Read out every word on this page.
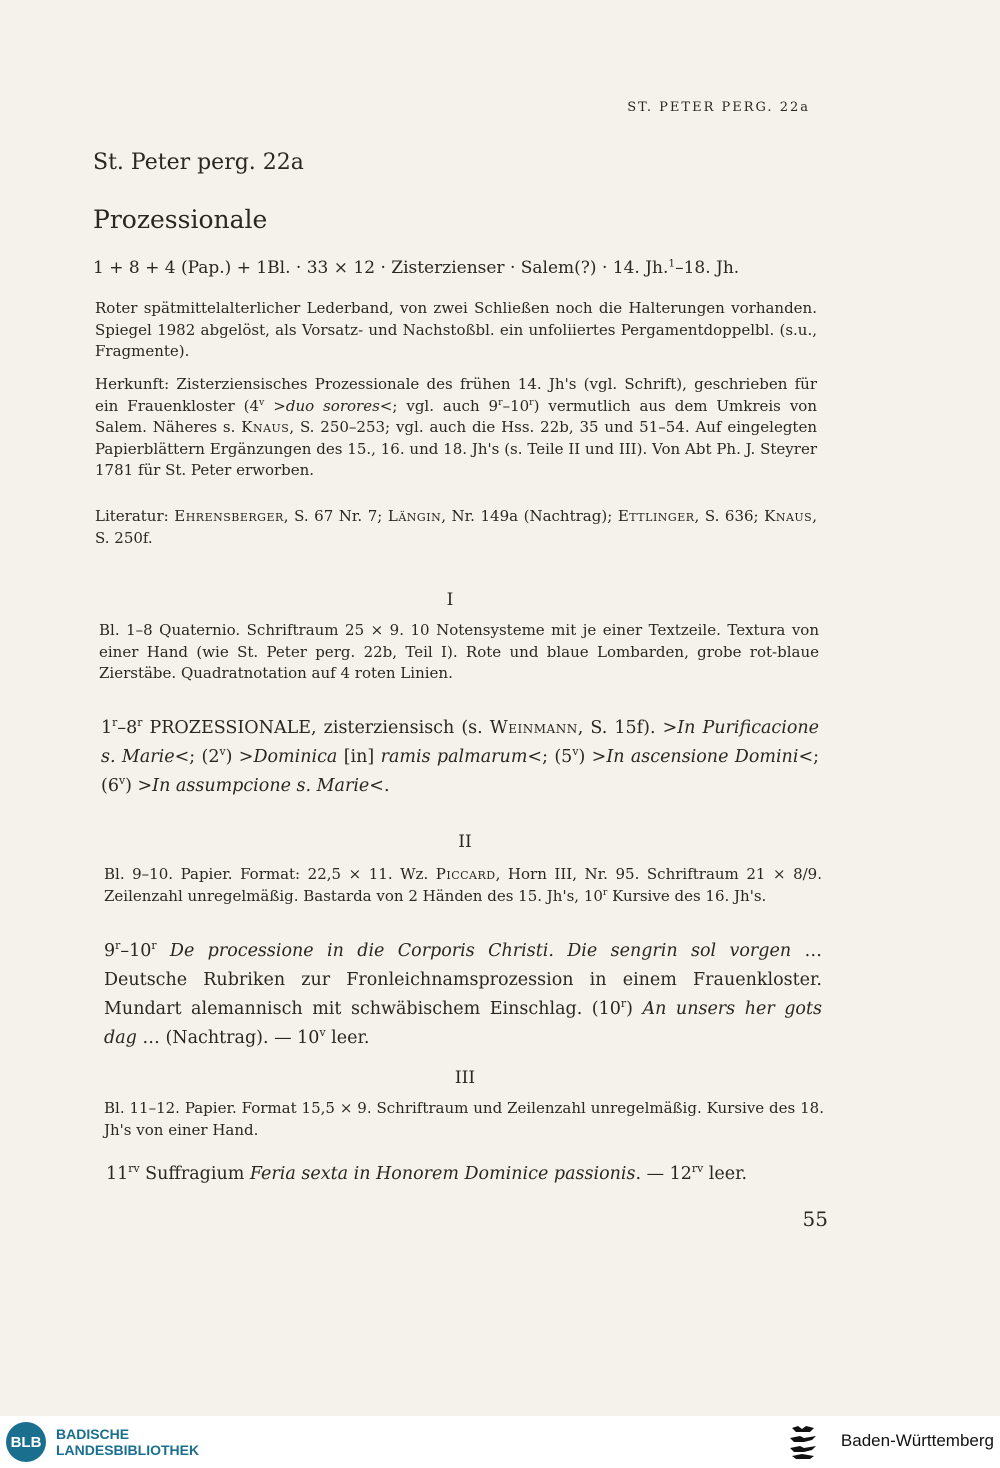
ST. PETER PERG. 22a
St. Peter perg. 22a
Prozessionale
1 + 8 + 4 (Pap.) + 1Bl. · 33 × 12 · Zisterzienser · Salem(?) · 14. Jh.$^1$–18. Jh.
Roter spätmittelalterlicher Lederband, von zwei Schließen noch die Halterungen vorhanden. Spiegel 1982 abgelöst, als Vorsatz- und Nachstoßbl. ein unfoliiertes Pergamentdoppelbl. (s.u., Fragmente).
Herkunft: Zisterziensisches Prozessionale des frühen 14. Jh's (vgl. Schrift), geschrieben für ein Frauenkloster ($4^v >duo$ sorores<; vgl. auch 9$^r$–10$^r$) vermutlich aus dem Umkreis von Salem. Näheres s. Knaus, S. 250–253; vgl. auch die Hss. 22b, 35 und 51–54. Auf eingelegten Papierblättern Ergänzungen des 15., 16. und 18. Jh's (s. Teile II und III). Von Abt Ph. J. Steyrer 1781 für St. Peter erworben.
Literatur: Ehrensberger, S. 67 Nr. 7; Längin, Nr. 149a (Nachtrag); Ettlinger, S. 636; Knaus, S. 250f.
I
Bl. 1–8 Quaternio. Schriftraum 25 × 9. 10 Notensysteme mit je einer Textzeile. Textura von einer Hand (wie St. Peter perg. 22b, Teil I). Rote und blaue Lombarden, grobe rot-blaue Zierstäbe. Quadratnotation auf 4 roten Linien.
1$^r$–8$^r$ PROZESSIONALE, zisterziensisch (s. Weinmann, S. 15f). >In Purificacione s. Marie<; $(2^v)$ >Dominica [in] ramis palmarum<; $(5^v) >In$ ascensione Domini<; $(6^v) >In$ assumpcione s. Marie<.
II
Bl. 9–10. Papier. Format: 22,5 × 11. Wz. Piccard, Horn III, Nr. 95. Schriftraum 21 × 8/9. Zeilenzahl unregelmäßig. Bastarda von 2 Händen des 15. Jh's, 10$^r$ Kursive des 16. Jh's.
9$^r$–10$^r$ De processione in die Corporis Christi. Die sengrin sol vorgen … Deutsche Rubriken zur Fronleichnamsprozession in einem Frauenkloster. Mundart alemannisch mit schwäbischem Einschlag. (10$^r$) An unsers her gots dag … (Nachtrag). — 10$^v$ leer.
III
Bl. 11–12. Papier. Format 15,5 × 9. Schriftraum und Zeilenzahl unregelmäßig. Kursive des 18. Jh's von einer Hand.
$11^{rv}$ Suffragium Feria sexta in Honorem Dominice passionis. — $12^{rv}$ leer.
55
BLB BADISCHE
LANDESBIBLIOTHEK	Baden-Württemberg
